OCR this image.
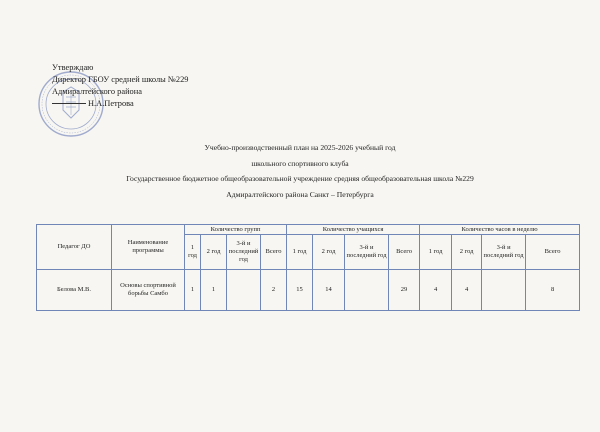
Утверждаю
Директор ГБОУ средней школы №229
Адмиралтейского района
Н.А.Петрова
Учебно-производственный план на 2025-2026 учебный год
школьного спортивного клуба
Государственное бюджетное общеобразовательной учреждение средняя общеобразовательная школа №229
Адмиралтейского района Санкт – Петербурга
Педагог ДО	Наименование программы	Количество групп				Количество учащихся				Количество часов в неделю			
		1 год	2 год	3-й и последний год	Всего	1 год	2 год	3-й и последний год	Всего	1 год	2 год	3-й и последний год	Всего
Белова М.В.	Основы спортивной борьбы Самбо	1	1		2	15	14		29	4	4		8
